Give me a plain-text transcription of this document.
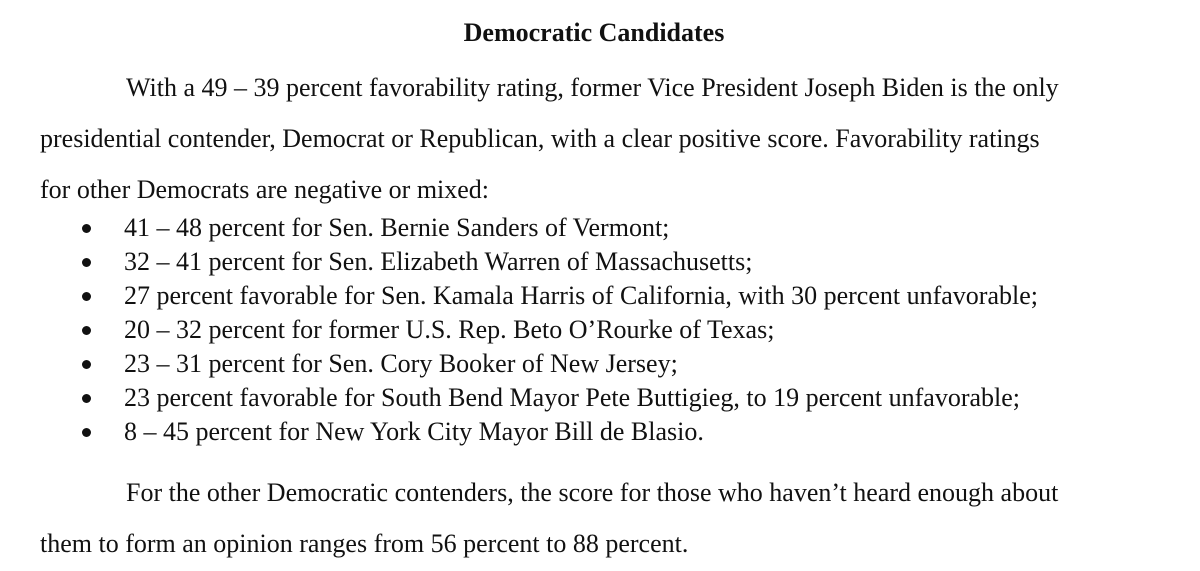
Democratic Candidates

With a 49 – 39 percent favorability rating, former Vice President Joseph Biden is the only
presidential contender, Democrat or Republican, with a clear positive score. Favorability ratings
for other Democrats are negative or mixed:

41 – 48 percent for Sen. Bernie Sanders of Vermont;
32 – 41 percent for Sen. Elizabeth Warren of Massachusetts;
27 percent favorable for Sen. Kamala Harris of California, with 30 percent unfavorable;
20 – 32 percent for former U.S. Rep. Beto O’Rourke of Texas;
23 – 31 percent for Sen. Cory Booker of New Jersey;
23 percent favorable for South Bend Mayor Pete Buttigieg, to 19 percent unfavorable;
8 – 45 percent for New York City Mayor Bill de Blasio.

For the other Democratic contenders, the score for those who haven’t heard enough about
them to form an opinion ranges from 56 percent to 88 percent.
